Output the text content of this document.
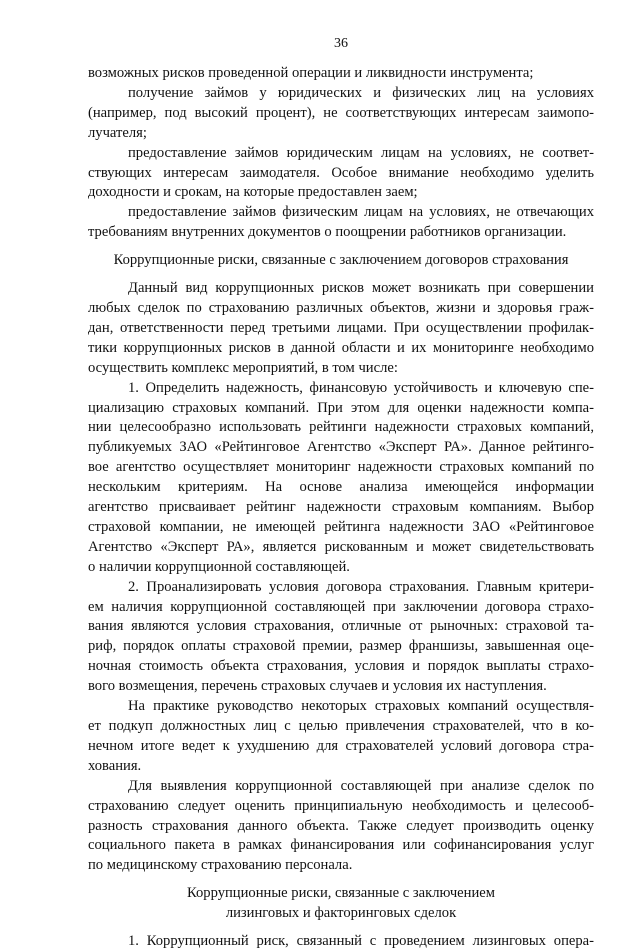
36

возможных рисков проведенной операции и ликвидности инструмента;

получение займов у юридических и физических лиц на условиях
(например, под высокий процент), не соответствующих интересам заимопо-
лучателя;

предоставление займов юридическим лицам на условиях, не соответ-
ствующих интересам заимодателя. Особое внимание необходимо уделить
доходности и срокам, на которые предоставлен заем;

предоставление займов физическим лицам на условиях, не отвечающих
требованиям внутренних документов о поощрении работников организации.

Коррупционные риски, связанные с заключением договоров страхования

Данный вид коррупционных рисков может возникать при совершении
любых сделок по страхованию различных объектов, жизни и здоровья граж-
дан, ответственности перед третьими лицами. При осуществлении профилак-
тики коррупционных рисков в данной области и их мониторинге необходимо
осуществить комплекс мероприятий, в том числе:

1. Определить надежность, финансовую устойчивость и ключевую спе-
циализацию страховых компаний. При этом для оценки надежности компа-
нии целесообразно использовать рейтинги надежности страховых компаний,
публикуемых ЗАО «Рейтинговое Агентство «Эксперт РА». Данное рейтинго-
вое агентство осуществляет мониторинг надежности страховых компаний по
нескольким критериям. На основе анализа имеющейся информации
агентство присваивает рейтинг надежности страховым компаниям. Выбор
страховой компании, не имеющей рейтинга надежности ЗАО «Рейтинговое
Агентство «Эксперт РА», является рискованным и может свидетельствовать
о наличии коррупционной составляющей.

2. Проанализировать условия договора страхования. Главным критери-
ем наличия коррупционной составляющей при заключении договора страхо-
вания являются условия страхования, отличные от рыночных: страховой та-
риф, порядок оплаты страховой премии, размер франшизы, завышенная оце-
ночная стоимость объекта страхования, условия и порядок выплаты страхо-
вого возмещения, перечень страховых случаев и условия их наступления.

На практике руководство некоторых страховых компаний осуществля-
ет подкуп должностных лиц с целью привлечения страхователей, что в ко-
нечном итоге ведет к ухудшению для страхователей условий договора стра-
хования.

Для выявления коррупционной составляющей при анализе сделок по
страхованию следует оценить принципиальную необходимость и целесооб-
разность страхования данного объекта. Также следует производить оценку
социального пакета в рамках финансирования или софинансирования услуг
по медицинскому страхованию персонала.

Коррупционные риски, связанные с заключением
лизинговых и факторинговых сделок

1. Коррупционный риск, связанный с проведением лизинговых опера-
